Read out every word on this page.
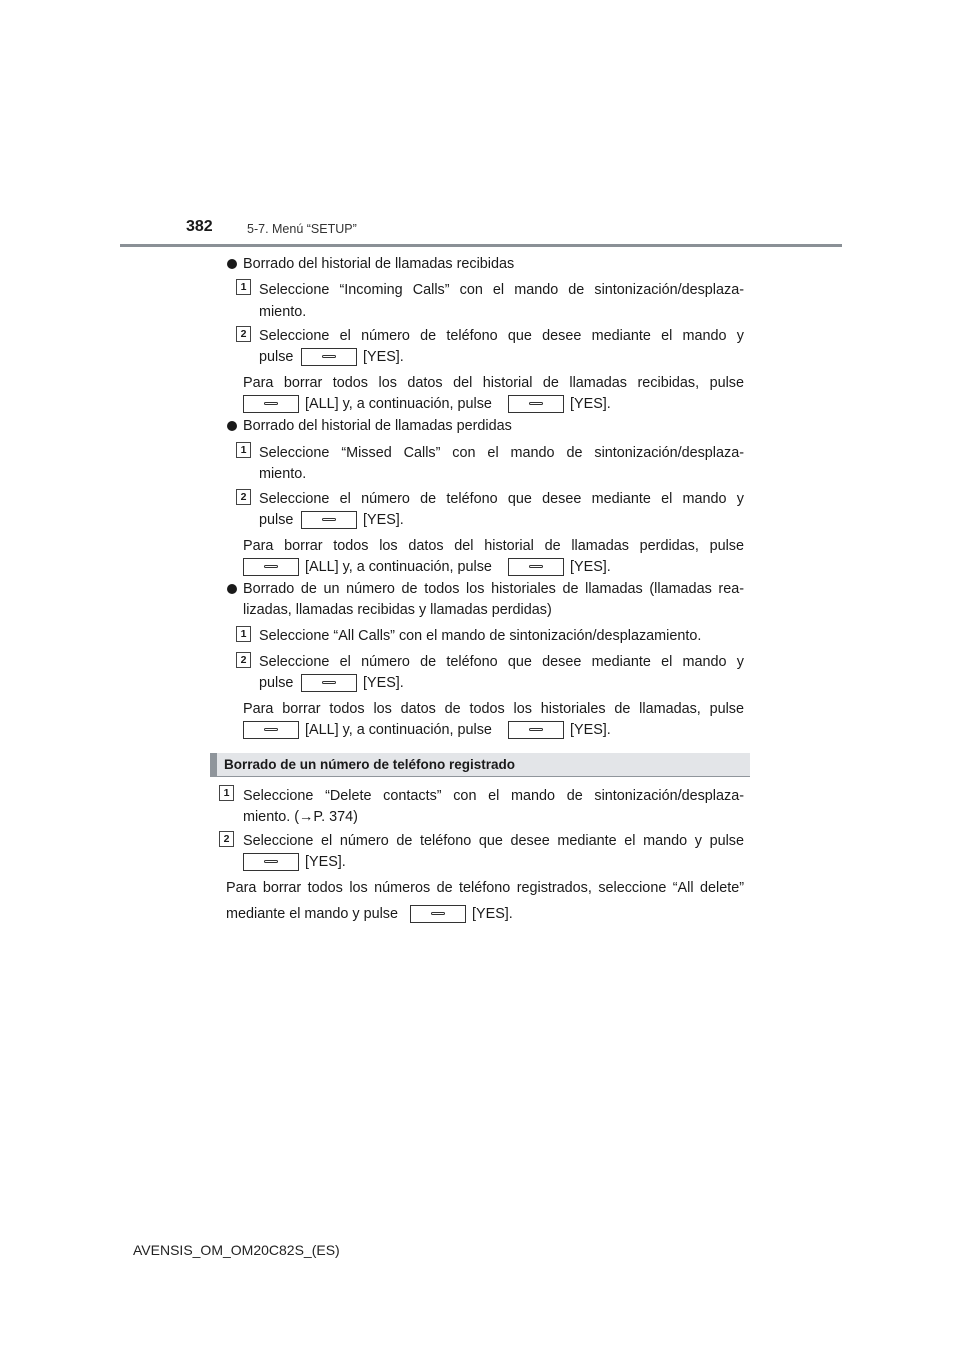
382	5-7. Menú “SETUP”
Borrado del historial de llamadas recibidas
1 Seleccione “Incoming Calls” con el mando de sintonización/desplaza-
miento.
2 Seleccione el número de teléfono que desee mediante el mando y
pulse	[YES].
Para borrar todos los datos del historial de llamadas recibidas, pulse
[ALL] y, a continuación, pulse	[YES].
Borrado del historial de llamadas perdidas
1 Seleccione “Missed Calls” con el mando de sintonización/desplaza-
miento.
2 Seleccione el número de teléfono que desee mediante el mando y
pulse	[YES].
Para borrar todos los datos del historial de llamadas perdidas, pulse
[ALL] y, a continuación, pulse	[YES].
Borrado de un número de todos los historiales de llamadas (llamadas rea-
lizadas, llamadas recibidas y llamadas perdidas)
1 Seleccione “All Calls” con el mando de sintonización/desplazamiento.
2 Seleccione el número de teléfono que desee mediante el mando y
pulse	[YES].
Para borrar todos los datos de todos los historiales de llamadas, pulse
[ALL] y, a continuación, pulse	[YES].
Borrado de un número de teléfono registrado
1 Seleccione “Delete contacts” con el mando de sintonización/desplaza-
miento. (→P. 374)
2 Seleccione el número de teléfono que desee mediante el mando y pulse
[YES].
Para borrar todos los números de teléfono registrados, seleccione “All delete”
mediante el mando y pulse	[YES].
AVENSIS_OM_OM20C82S_(ES)
